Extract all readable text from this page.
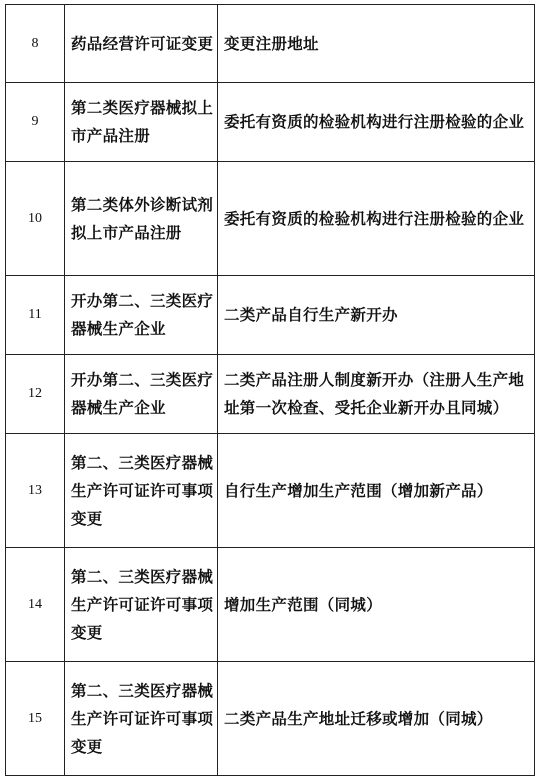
8	药品经营许可证变更	变更注册地址
9	第二类医疗器械拟上市产品注册	委托有资质的检验机构进行注册检验的企业
10	第二类体外诊断试剂拟上市产品注册	委托有资质的检验机构进行注册检验的企业
11	开办第二、三类医疗器械生产企业	二类产品自行生产新开办
12	开办第二、三类医疗器械生产企业	二类产品注册人制度新开办（注册人生产地址第一次检查、受托企业新开办且同城）
13	第二、三类医疗器械生产许可证许可事项变更	自行生产增加生产范围（增加新产品）
14	第二、三类医疗器械生产许可证许可事项变更	增加生产范围（同城）
15	第二、三类医疗器械生产许可证许可事项变更	二类产品生产地址迁移或增加（同城）
